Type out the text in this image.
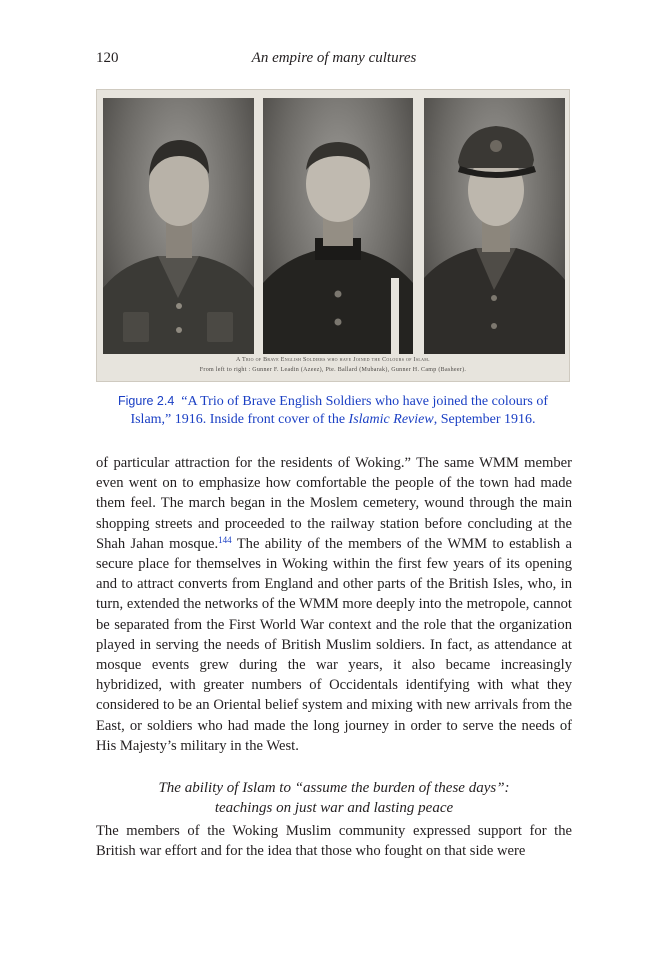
120	An empire of many cultures
A Trio of Brave English Soldiers who have Joined the Colours of Islam.
From left to right : Gunner F. Leadin (Azeez), Pte. Ballard (Mubarak), Gunner H. Camp (Basheer).
Figure 2.4 “A Trio of Brave English Soldiers who have joined the colours of Islam,” 1916. Inside front cover of the Islamic Review, September 1916.

of particular attraction for the residents of Woking.” The same WMM member even went on to emphasize how comfortable the people of the town had made them feel. The march began in the Moslem cemetery, wound through the main shopping streets and proceeded to the railway station before concluding at the Shah Jahan mosque.$^{144}$ The ability of the members of the WMM to establish a secure place for themselves in Woking within the first few years of its opening and to attract converts from England and other parts of the British Isles, who, in turn, extended the networks of the WMM more deeply into the metropole, cannot be separated from the First World War context and the role that the organization played in serving the needs of British Muslim soldiers. In fact, as attendance at mosque events grew during the war years, it also became increasingly hybridized, with greater numbers of Occidentals identifying with what they considered to be an Oriental belief system and mixing with new arrivals from the East, or soldiers who had made the long journey in order to serve the needs of His Majesty’s military in the West.

The ability of Islam to “assume the burden of these days”:
teachings on just war and lasting peace

The members of the Woking Muslim community expressed support for the British war effort and for the idea that those who fought on that side were
